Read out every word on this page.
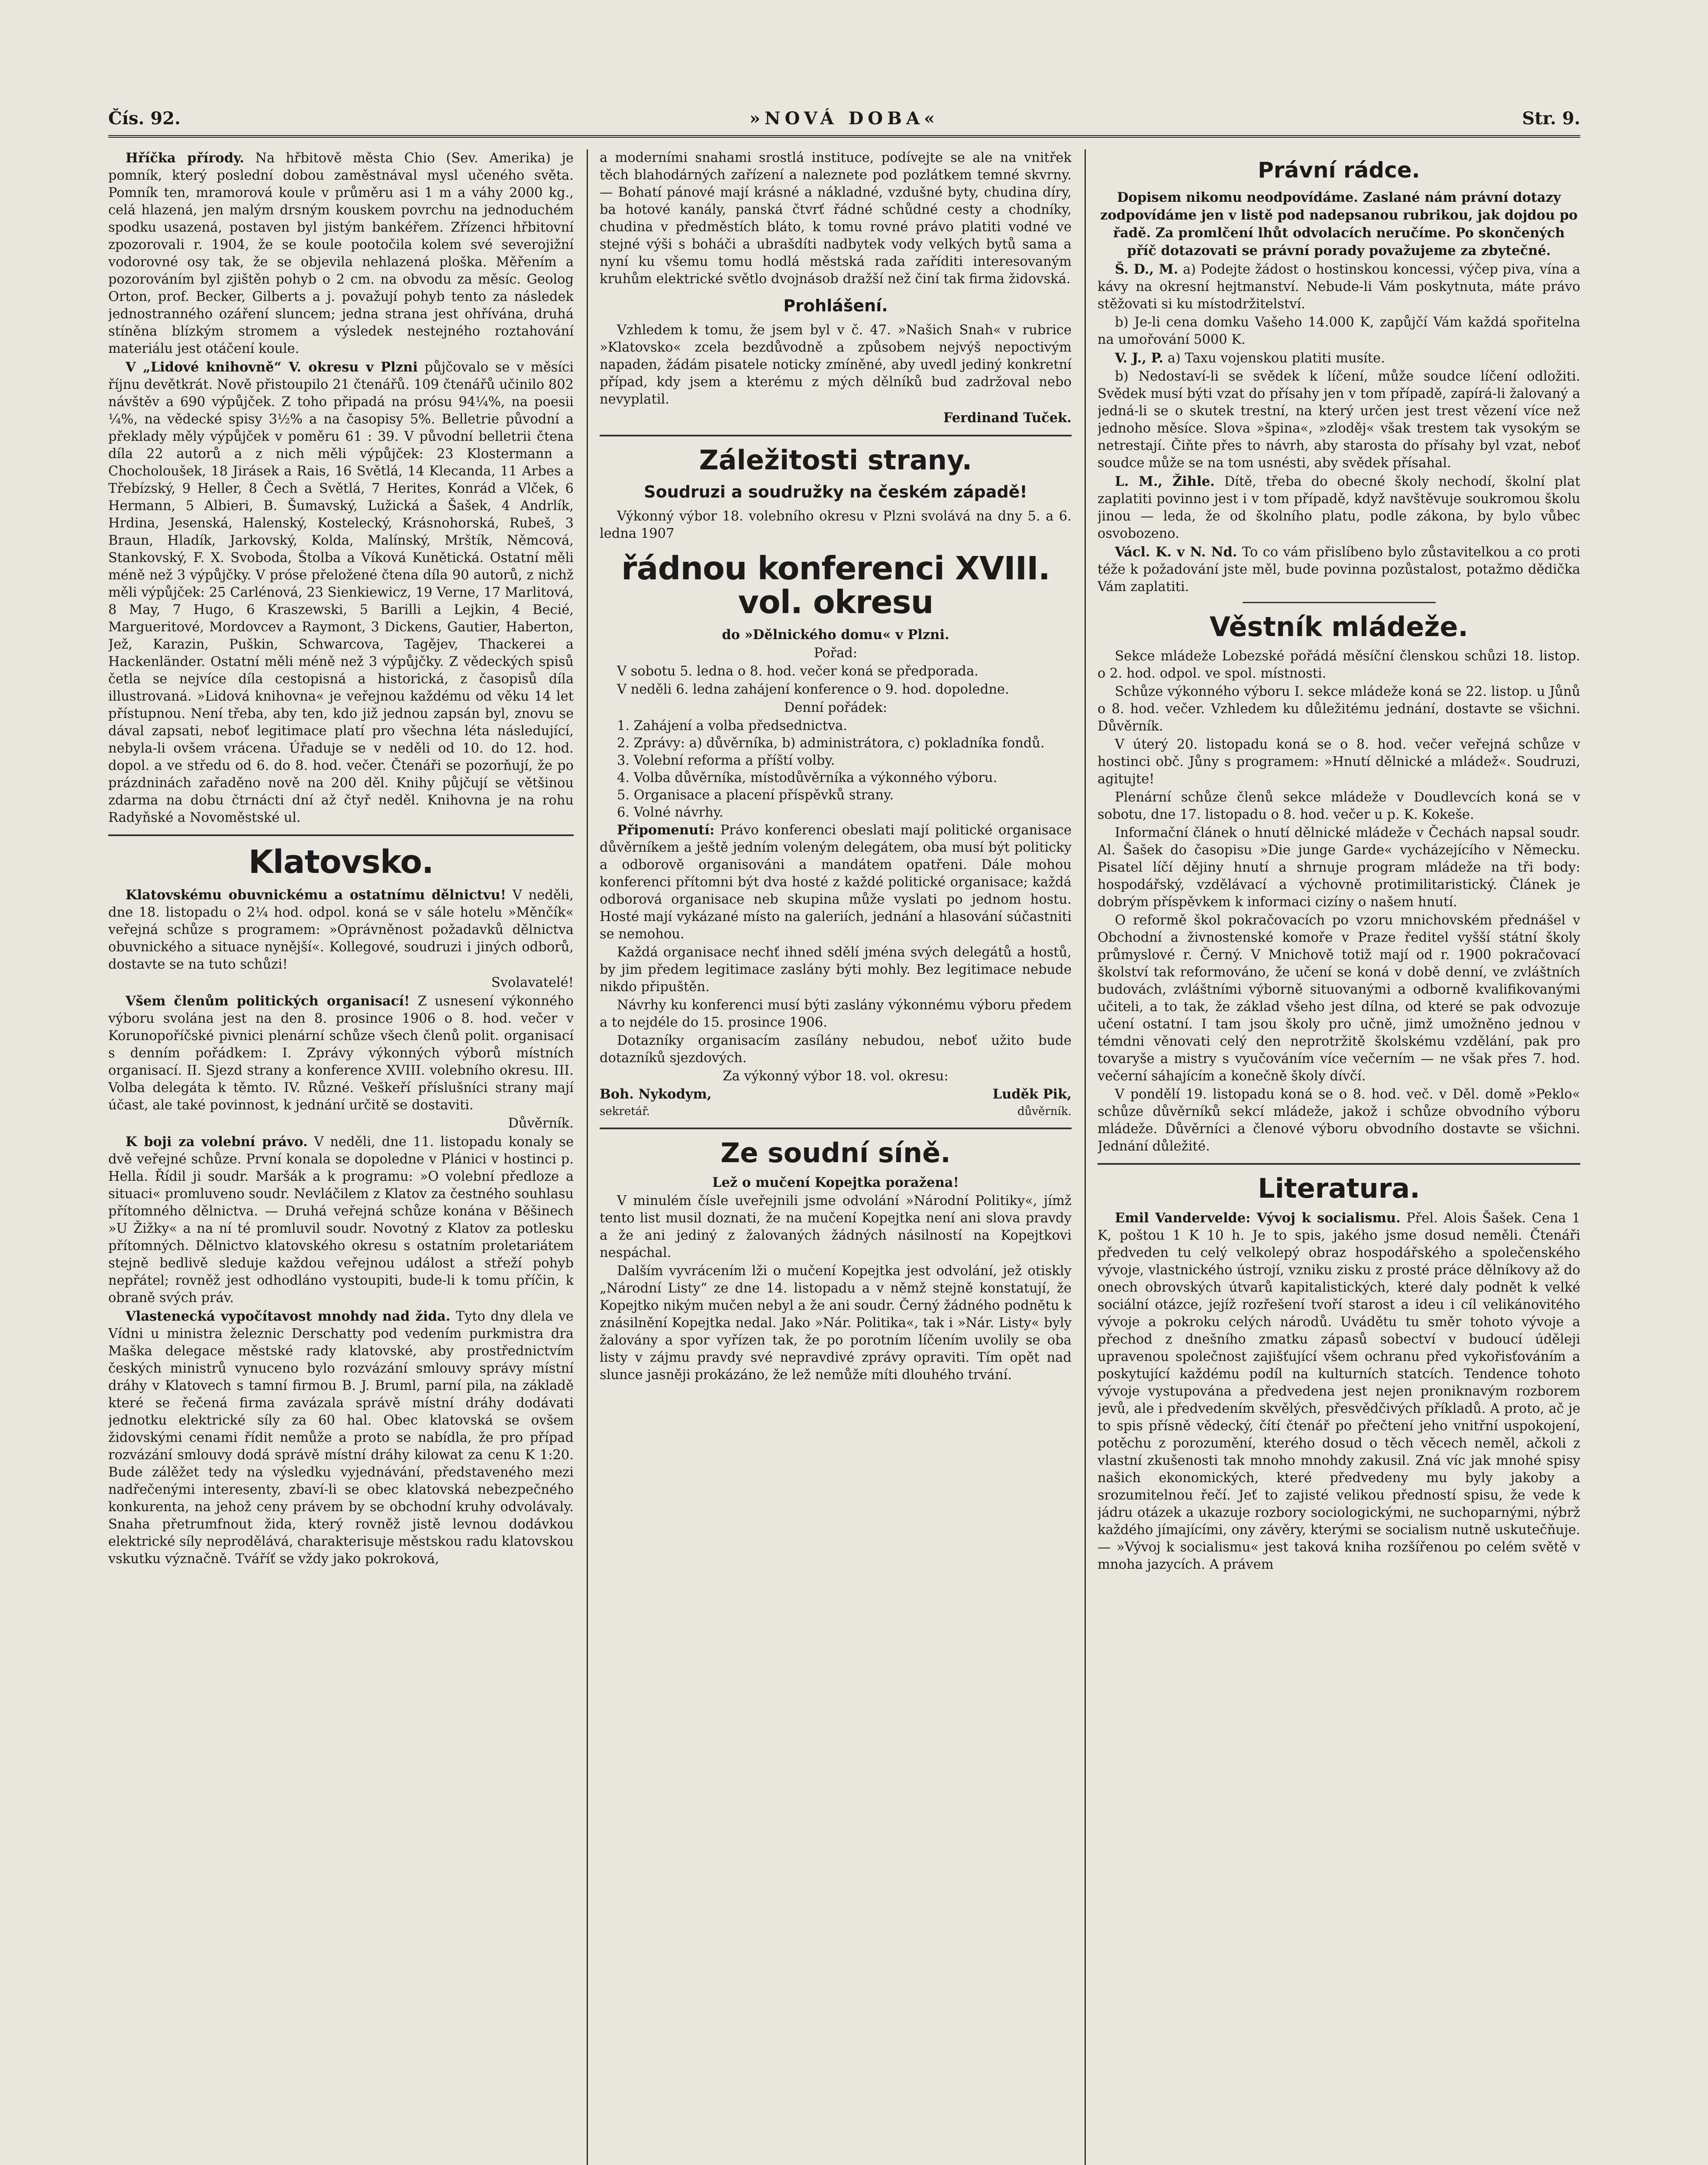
Čís. 92.	»NOVÁ DOBA«	Str. 9.

Hříčka přírody. Na hřbitově města Chio (Sev. Amerika) je pomník, který poslední dobou zaměstnával mysl učeného světa. Pomník ten, mramorová koule v průměru asi 1 m a váhy 2000 kg., celá hlazená, jen malým drsným kouskem povrchu na jednoduchém spodku usazená, postaven byl jistým bankéřem. Zřízenci hřbitovní zpozorovali r. 1904, že se koule pootočila kolem své severojižní vodorovné osy tak, že se objevila nehlazená ploška. Měřením a pozorováním byl zjištěn pohyb o 2 cm. na obvodu za měsíc. Geolog Orton, prof. Becker, Gilberts a j. považují pohyb tento za následek jednostranného ozáření sluncem; jedna strana jest ohřívána, druhá stíněna blízkým stromem a výsledek nestejného roztahování materiálu jest otáčení koule.

V „Lidové knihovně“ V. okresu v Plzni půjčovalo se v měsíci říjnu devětkrát. Nově přistoupilo 21 čtenářů. 109 čtenářů učinilo 802 návštěv a 690 výpůjček. Z toho připadá na prósu 94¼%, na poesii ¼%, na vědecké spisy 3½% a na časopisy 5%. Belletrie původní a překlady měly výpůjček v poměru 61 : 39. V původní belletrii čtena díla 22 autorů a z nich měli výpůjček: 23 Klostermann a Chocholoušek, 18 Jirásek a Rais, 16 Světlá, 14 Klecanda, 11 Arbes a Třebízský, 9 Heller, 8 Čech a Světlá, 7 Herites, Konrád a Vlček, 6 Hermann, 5 Albieri, B. Šumavský, Lužická a Šašek, 4 Andrlík, Hrdina, Jesenská, Halenský, Kostelecký, Krásnohorská, Rubeš, 3 Braun, Hladík, Jarkovský, Kolda, Malínský, Mrštík, Němcová, Stankovský, F. X. Svoboda, Štolba a Víková Kunětická. Ostatní měli méně než 3 výpůjčky. V próse přeložené čtena díla 90 autorů, z nichž měli výpůjček: 25 Carlénová, 23 Sienkiewicz, 19 Verne, 17 Marlitová, 8 May, 7 Hugo, 6 Kraszewski, 5 Barilli a Lejkin, 4 Becié, Margueritové, Mordovcev a Raymont, 3 Dickens, Gautier, Haberton, Jež, Karazin, Puškin, Schwarcova, Tagějev, Thackerei a Hackenländer. Ostatní měli méně než 3 výpůjčky. Z vědeckých spisů četla se nejvíce díla cestopisná a historická, z časopisů díla illustrovaná. »Lidová knihovna« je veřejnou každému od věku 14 let přístupnou. Není třeba, aby ten, kdo již jednou zapsán byl, znovu se dával zapsati, neboť legitimace platí pro všechna léta následující, nebyla-li ovšem vrácena. Úřaduje se v neděli od 10. do 12. hod. dopol. a ve středu od 6. do 8. hod. večer. Čtenáři se pozorňují, že po prázdninách zařaděno nově na 200 děl. Knihy půjčují se většinou zdarma na dobu čtrnácti dní až čtyř neděl. Knihovna je na rohu Radyňské a Novoměstské ul.

Klatovsko.

Klatovskému obuvnickému a ostatnímu dělnictvu! V neděli, dne 18. listopadu o 2¼ hod. odpol. koná se v sále hotelu »Měnčík« veřejná schůze s programem: »Oprávněnost požadavků dělnictva obuvnického a situace nynější«. Kollegové, soudruzi i jiných odborů, dostavte se na tuto schůzi!

Svolavatelé!

Všem členům politických organisací! Z usnesení výkonného výboru svolána jest na den 8. prosince 1906 o 8. hod. večer v Korunopoříčské pivnici plenární schůze všech členů polit. organisací s denním pořádkem: I. Zprávy výkonných výborů místních organisací. II. Sjezd strany a konference XVIII. volebního okresu. III. Volba delegáta k těmto. IV. Různé. Veškeří příslušníci strany mají účast, ale také povinnost, k jednání určitě se dostaviti.

Důvěrník.

K boji za volební právo. V neděli, dne 11. listopadu konaly se dvě veřejné schůze. První konala se dopoledne v Plánici v hostinci p. Hella. Řídil ji soudr. Maršák a k programu: »O volební předloze a situaci« promluveno soudr. Nevláčilem z Klatov za čestného souhlasu přítomného dělnictva. — Druhá veřejná schůze konána v Běšinech »U Žižky« a na ní té promluvil soudr. Novotný z Klatov za potlesku přítomných. Dělnictvo klatovského okresu s ostatním proletariátem stejně bedlivě sleduje každou veřejnou událost a střeží pohyb nepřátel; rovněž jest odhodláno vystoupiti, bude-li k tomu příčin, k obraně svých práv.

Vlastenecká vypočítavost mnohdy nad žida. Tyto dny dlela ve Vídni u ministra železnic Derschatty pod vedením purkmistra dra Maška delegace městské rady klatovské, aby prostřednictvím českých ministrů vynuceno bylo rozvázání smlouvy správy místní dráhy v Klatovech s tamní firmou B. J. Bruml, parní pila, na základě které se řečená firma zavázala správě místní dráhy dodávati jednotku elektrické síly za 60 hal. Obec klatovská se ovšem židovskými cenami řídit nemůže a proto se nabídla, že pro případ rozvázání smlouvy dodá správě místní dráhy kilowat za cenu K 1:20. Bude zálěžet tedy na výsledku vyjednávání, představeného mezi nadřečenými interesenty, zbaví-li se obec klatovská nebezpečného konkurenta, na jehož ceny právem by se obchodní kruhy odvolávaly. Snaha přetrumfnout žida, který rovněž jistě levnou dodávkou elektrické síly neprodělává, charakterisuje městskou radu klatovskou vskutku význačně. Tváříť se vždy jako pokroková,

a moderními snahami srostlá instituce, podívejte se ale na vnitřek těch blahodárných zařízení a naleznete pod pozlátkem temné skvrny. — Bohatí pánové mají krásné a nákladné, vzdušné byty, chudina díry, ba hotové kanály, panská čtvrť řádné schůdné cesty a chodníky, chudina v předměstích bláto, k tomu rovné právo platiti vodné ve stejné výši s boháči a ubrašdíti nadbytek vody velkých bytů sama a nyní ku všemu tomu hodlá městská rada zaříditi interesovaným kruhům elektrické světlo dvojnásob dražší než činí tak firma židovská.

Prohlášení.

Vzhledem k tomu, že jsem byl v č. 47. »Našich Snah« v rubrice »Klatovsko« zcela bezdůvodně a způsobem nejvýš nepoctivým napaden, žádám pisatele noticky zmíněné, aby uvedl jediný konkretní případ, kdy jsem a kterému z mých dělníků bud zadržoval nebo nevyplatil.

Ferdinand Tuček.

Záležitosti strany.
Soudruzi a soudružky na českém západě!

Výkonný výbor 18. volebního okresu v Plzni svolává na dny 5. a 6. ledna 1907

řádnou konferenci XVIII. vol. okresu

do »Dělnického domu« v Plzni.

Pořad:

V sobotu 5. ledna o 8. hod. večer koná se předporada.

V neděli 6. ledna zahájení konference o 9. hod. dopoledne.

Denní pořádek:

1. Zahájení a volba předsednictva.
2. Zprávy: a) důvěrníka, b) administrátora, c) pokladníka fondů.
3. Volební reforma a příští volby.
4. Volba důvěrníka, místodůvěrníka a výkonného výboru.
5. Organisace a placení příspěvků strany.
6. Volné návrhy.

Připomenutí: Právo konferenci obeslati mají politické organisace důvěrníkem a ještě jedním voleným delegátem, oba musí být politicky a odborově organisováni a mandátem opatřeni. Dále mohou konferenci přítomni být dva hosté z každé politické organisace; každá odborová organisace neb skupina může vyslati po jednom hostu. Hosté mají vykázané místo na galeriích, jednání a hlasování súčastniti se nemohou.

Každá organisace nechť ihned sdělí jména svých delegátů a hostů, by jim předem legitimace zaslány býti mohly. Bez legitimace nebude nikdo připuštěn.

Návrhy ku konferenci musí býti zaslány výkonnému výboru předem a to nejdéle do 15. prosince 1906.

Dotazníky organisacím zasílány nebudou, neboť užito bude dotazníků sjezdových.

Za výkonný výbor 18. vol. okresu:

Boh. Nykodym,
sekretář.
Luděk Pik,
důvěrník.
Ze soudní síně.

Lež o mučení Kopejtka poražena!

V minulém čísle uveřejnili jsme odvolání »Národní Politiky«, jímž tento list musil doznati, že na mučení Kopejtka není ani slova pravdy a že ani jediný z žalovaných žádných násilností na Kopejtkovi nespáchal.

Dalším vyvrácením lži o mučení Kopejtka jest odvolání, jež otiskly „Národní Listy“ ze dne 14. listopadu a v němž stejně konstatují, že Kopejtko nikým mučen nebyl a že ani soudr. Černý žádného podnětu k znásilnění Kopejtka nedal. Jako »Nár. Politika«, tak i »Nár. Listy« byly žalovány a spor vyřízen tak, že po porotním líčením uvolily se oba listy v zájmu pravdy své nepravdivé zprávy opraviti. Tím opět nad slunce jasněji prokázáno, že lež nemůže míti dlouhého trvání.

Právní rádce.

Dopisem nikomu neodpovídáme. Zaslané nám právní dotazy zodpovídáme jen v listě pod nadepsanou rubrikou, jak dojdou po řadě. Za promlčení lhůt odvolacích neručíme. Po skončených příč dotazovati se právní porady považujeme za zbytečné.

Š. D., M. a) Podejte žádost o hostinskou koncessi, výčep piva, vína a kávy na okresní hejtmanství. Nebude-li Vám poskytnuta, máte právo stěžovati si ku místodržitelství.

b) Je-li cena domku Vašeho 14.000 K, zapůjčí Vám každá spořitelna na umořování 5000 K.

V. J., P. a) Taxu vojenskou platiti musíte.

b) Nedostaví-li se svědek k líčení, může soudce líčení odložiti. Svědek musí býti vzat do přísahy jen v tom případě, zapírá-li žalovaný a jedná-li se o skutek trestní, na který určen jest trest vězení více než jednoho měsíce. Slova »špina«, »zloděj« však trestem tak vysokým se netrestají. Čiňte přes to návrh, aby starosta do přísahy byl vzat, neboť soudce může se na tom usnésti, aby svědek přísahal.

L. M., Žihle. Dítě, třeba do obecné školy nechodí, školní plat zaplatiti povinno jest i v tom případě, když navštěvuje soukromou školu jinou — leda, že od školního platu, podle zákona, by bylo vůbec osvobozeno.

Václ. K. v N. Nd. To co vám přislíbeno bylo zůstavitelkou a co proti téže k požadování jste měl, bude povinna pozůstalost, potažmo dědička Vám zaplatiti.

Věstník mládeže.

Sekce mládeže Lobezské pořádá měsíční členskou schůzi 18. listop. o 2. hod. odpol. ve spol. místnosti.

Schůze výkonného výboru I. sekce mládeže koná se 22. listop. u Jůnů o 8. hod. večer. Vzhledem ku důležitému jednání, dostavte se všichni. Důvěrník.

V úterý 20. listopadu koná se o 8. hod. večer veřejná schůze v hostinci obč. Jůny s programem: »Hnutí dělnické a mládež«. Soudruzi, agitujte!

Plenární schůze členů sekce mládeže v Doudlevcích koná se v sobotu, dne 17. listopadu o 8. hod. večer u p. K. Kokeše.

Informační článek o hnutí dělnické mládeže v Čechách napsal soudr. Al. Šašek do časopisu »Die junge Garde« vycházejícího v Německu. Pisatel líčí dějiny hnutí a shrnuje program mládeže na tři body: hospodářský, vzdělávací a výchovně protimilitaristický. Článek je dobrým příspěvkem k informaci cizíny o našem hnutí.

O reformě škol pokračovacích po vzoru mnichovském přednášel v Obchodní a živnostenské komoře v Praze ředitel vyšší státní školy průmyslové r. Černý. V Mnichově totiž mají od r. 1900 pokračovací školství tak reformováno, že učení se koná v době denní, ve zvláštních budovách, zvláštními výborně situovanými a odborně kvalifikovanými učiteli, a to tak, že základ všeho jest dílna, od které se pak odvozuje učení ostatní. I tam jsou školy pro učně, jimž umožněno jednou v témdni věnovati celý den neprotržitě školskému vzdělání, pak pro tovaryše a mistry s vyučováním více večerním — ne však přes 7. hod. večerní sáhajícím a konečně školy dívčí.

V pondělí 19. listopadu koná se o 8. hod. več. v Děl. domě »Peklo« schůze důvěrníků sekcí mládeže, jakož i schůze obvodního výboru mládeže. Důvěrníci a členové výboru obvodního dostavte se všichni. Jednání důležité.

Literatura.

Emil Vandervelde: Vývoj k socialismu. Přel. Alois Šašek. Cena 1 K, poštou 1 K 10 h. Je to spis, jakého jsme dosud neměli. Čtenáři předveden tu celý velkolepý obraz hospodářského a společenského vývoje, vlastnického ústrojí, vzniku zisku z prosté práce dělníkovy až do onech obrovských útvarů kapitalistických, které daly podnět k velké sociální otázce, jejíž rozřešení tvoří starost a ideu i cíl velikánovitého vývoje a pokroku celých národů. Uvádětu tu směr tohoto vývoje a přechod z dnešního zmatku zápasů sobectví v budoucí úděleji upravenou společnost zajišťující všem ochranu před vykořisťováním a poskytující každému podíl na kulturních statcích. Tendence tohoto vývoje vystupována a předvedena jest nejen proniknavým rozborem jevů, ale i předvedením skvělých, přesvědčivých příkladů. A proto, ač je to spis přísně vědecký, čítí čtenář po přečtení jeho vnitřní uspokojení, potěchu z porozumění, kterého dosud o těch věcech neměl, ačkoli z vlastní zkušenosti tak mnoho mnohdy zakusil. Zná víc jak mnohé spisy našich ekonomických, které předvedeny mu byly jakoby a srozumitelnou řečí. Jeť to zajisté velikou předností spisu, že vede k jádru otázek a ukazuje rozbory sociologickými, ne suchoparnými, nýbrž každého jímajícími, ony závěry, kterými se socialism nutně uskutečňuje. — »Vývoj k socialismu« jest taková kniha rozšířenou po celém světě v mnoha jazycích. A právem
